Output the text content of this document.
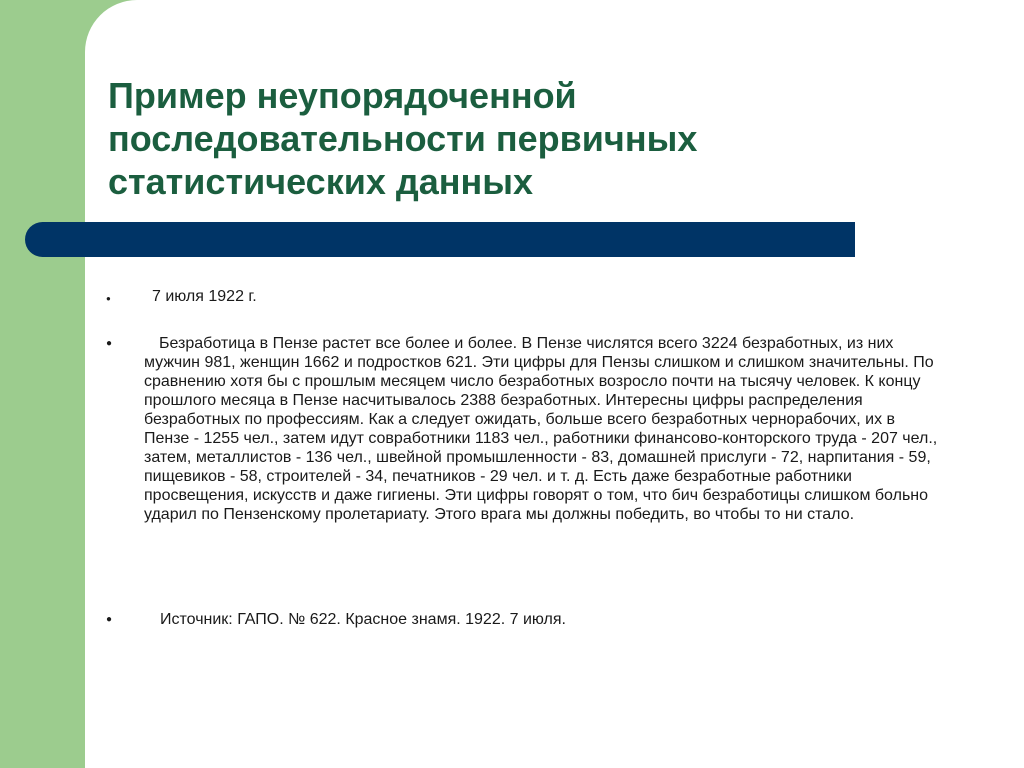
Пример неупорядоченной
последовательности первичных
статистических данных
●	7 июля 1922 г.

●	Безработица в Пензе растет все более и более. В Пензе числятся всего 3224 безработных, из них мужчин 981, женщин 1662 и подростков 621. Эти цифры для Пензы слишком и слишком значительны. По сравнению хотя бы с прошлым месяцем число безработных возросло почти на тысячу человек. К концу прошлого месяца в Пензе насчитывалось 2388 безработных. Интересны цифры распределения безработных по профессиям. Как а следует ожидать, больше всего безработных чернорабочих, их в Пензе - 1255 чел., затем идут совработники 1183 чел., работники финансово-конторского труда - 207 чел., затем, металлистов - 136 чел., швейной промышленности - 83, домашней прислуги - 72, нарпитания - 59, пищевиков - 58, строителей - 34, печатников - 29 чел. и т. д. Есть даже безработные работники просвещения, искусств и даже гигиены. Эти цифры говорят о том, что бич безработицы слишком больно ударил по Пензенскому пролетариату. Этого врага мы должны победить, во чтобы то ни стало.

●	Источник: ГАПО. № 622. Красное знамя. 1922. 7 июля.
